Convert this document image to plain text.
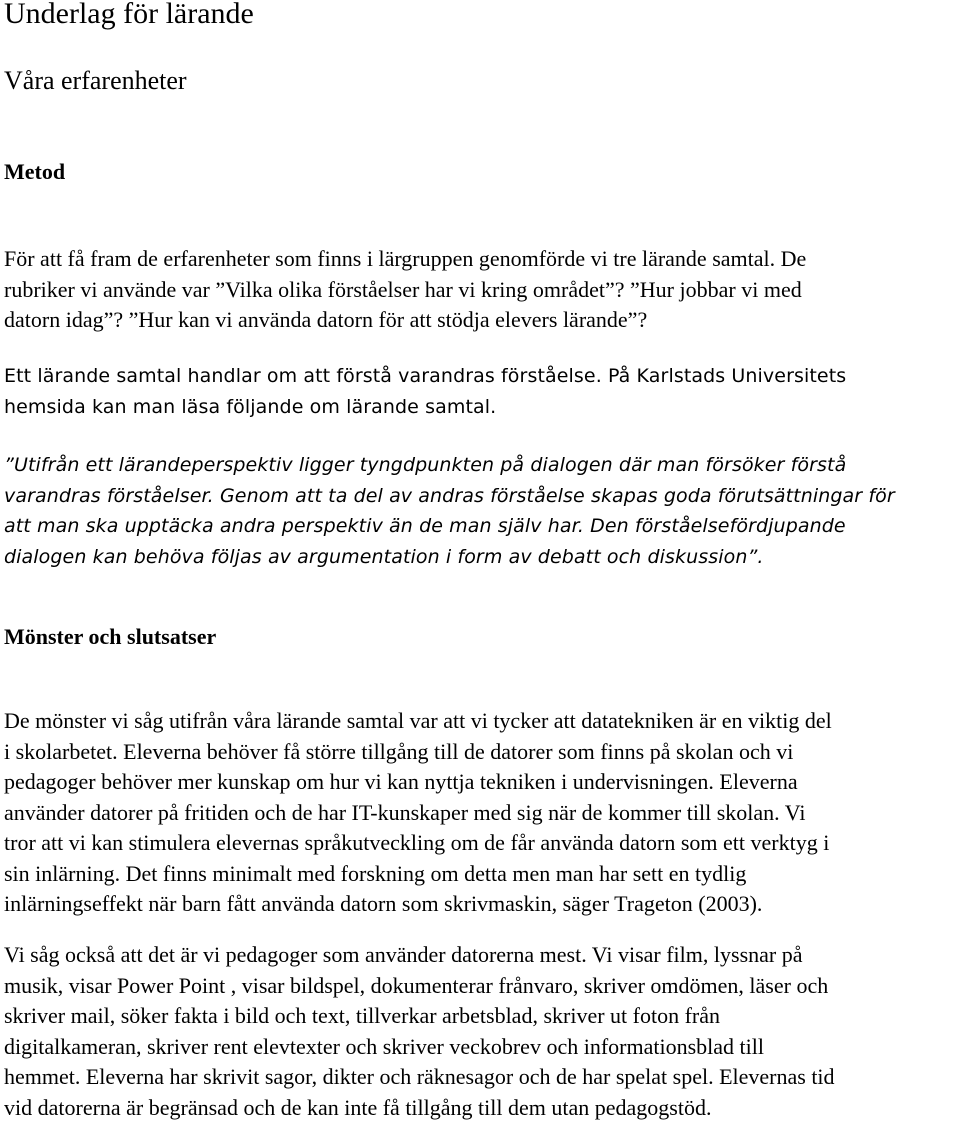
Underlag för lärande
Våra erfarenheter
Metod
För att få fram de erfarenheter som finns i lärgruppen genomförde vi tre lärande samtal. De
rubriker vi använde var ”Vilka olika förståelser har vi kring området”? ”Hur jobbar vi med
datorn idag”? ”Hur kan vi använda datorn för att stödja elevers lärande”?
Ett lärande samtal handlar om att förstå varandras förståelse. På Karlstads Universitets
hemsida kan man läsa följande om lärande samtal.
”Utifrån ett lärandeperspektiv ligger tyngdpunkten på dialogen där man försöker förstå
varandras förståelser. Genom att ta del av andras förståelse skapas goda förutsättningar för
att man ska upptäcka andra perspektiv än de man själv har. Den förståelsefördjupande
dialogen kan behöva följas av argumentation i form av debatt och diskussion”.
Mönster och slutsatser
De mönster vi såg utifrån våra lärande samtal var att vi tycker att datatekniken är en viktig del
i skolarbetet. Eleverna behöver få större tillgång till de datorer som finns på skolan och vi
pedagoger behöver mer kunskap om hur vi kan nyttja tekniken i undervisningen. Eleverna
använder datorer på fritiden och de har IT-kunskaper med sig när de kommer till skolan. Vi
tror att vi kan stimulera elevernas språkutveckling om de får använda datorn som ett verktyg i
sin inlärning. Det finns minimalt med forskning om detta men man har sett en tydlig
inlärningseffekt när barn fått använda datorn som skrivmaskin, säger Trageton (2003).
Vi såg också att det är vi pedagoger som använder datorerna mest. Vi visar film, lyssnar på
musik, visar Power Point , visar bildspel, dokumenterar frånvaro, skriver omdömen, läser och
skriver mail, söker fakta i bild och text, tillverkar arbetsblad, skriver ut foton från
digitalkameran, skriver rent elevtexter och skriver veckobrev och informationsblad till
hemmet. Eleverna har skrivit sagor, dikter och räknesagor och de har spelat spel. Elevernas tid
vid datorerna är begränsad och de kan inte få tillgång till dem utan pedagogstöd.
